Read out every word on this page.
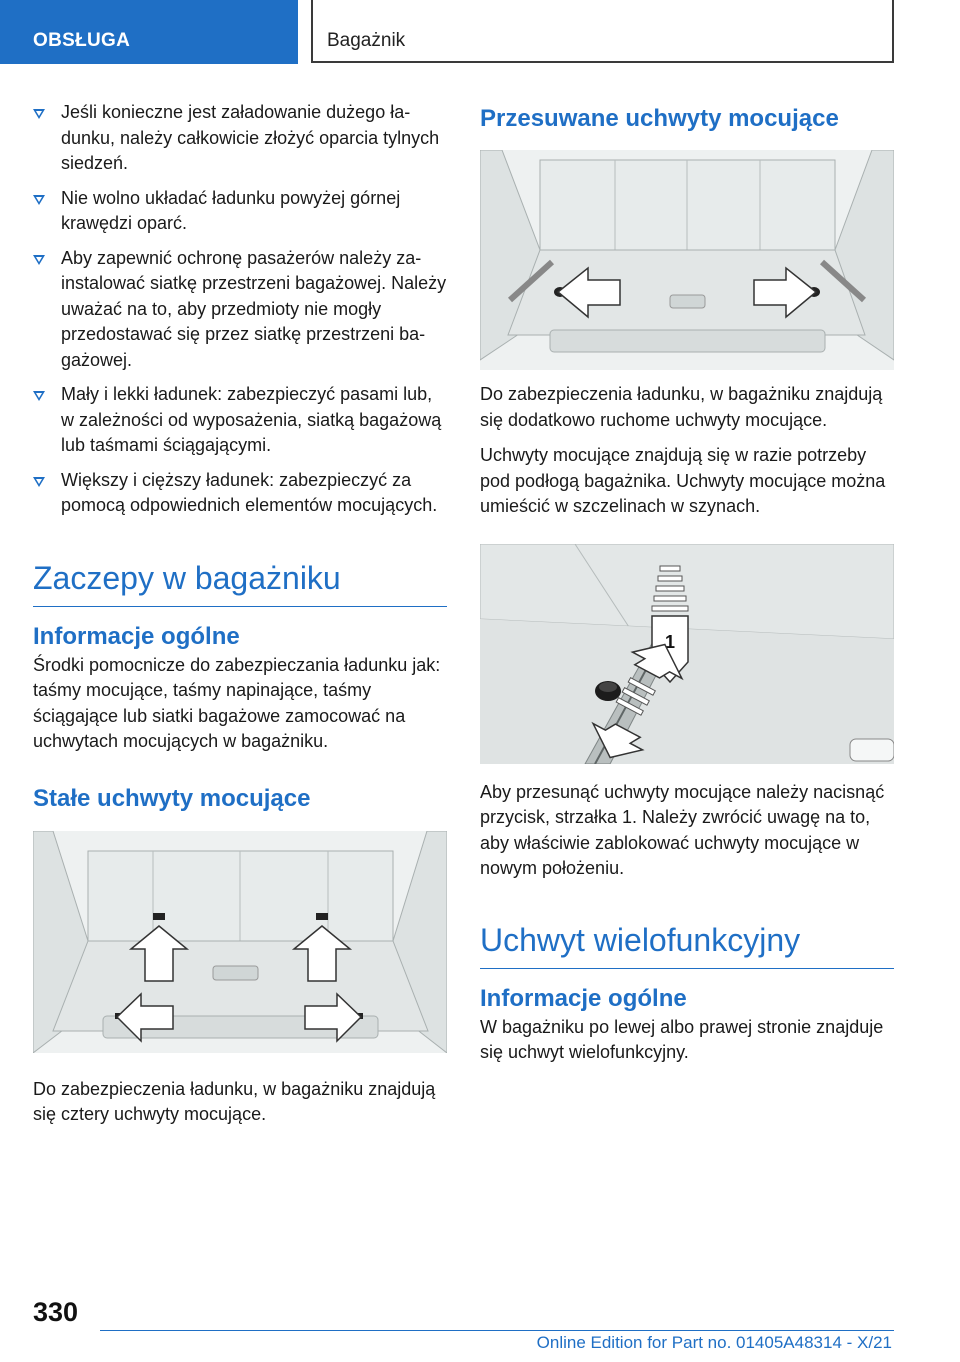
OBSŁUGA	Bagażnik
Jeśli konieczne jest załadowanie dużego ładunku, należy całkowicie złożyć oparcia tylnych siedzeń.
Nie wolno układać ładunku powyżej górnej krawędzi oparć.
Aby zapewnić ochronę pasażerów należy zainstalować siatkę przestrzeni bagażowej. Należy uważać na to, aby przedmioty nie mogły przedostawać się przez siatkę przestrzeni bagażowej.
Mały i lekki ładunek: zabezpieczyć pasami lub, w zależności od wyposażenia, siatką bagażową lub taśmami ściągającymi.
Większy i cięższy ładunek: zabezpieczyć za pomocą odpowiednich elementów mocujących.
Zaczepy w bagażniku
Informacje ogólne

Środki pomocnicze do zabezpieczania ładunku jak: taśmy mocujące, taśmy napinające, taśmy ściągające lub siatki bagażowe zamocować na uchwytach mocujących w bagażniku.

Stałe uchwyty mocujące

Do zabezpieczenia ładunku, w bagażniku znajdują się cztery uchwyty mocujące.

Przesuwane uchwyty mocujące

Do zabezpieczenia ładunku, w bagażniku znajdują się dodatkowo ruchome uchwyty mocujące.

Uchwyty mocujące znajdują się w razie potrzeby pod podłogą bagażnika. Uchwyty mocujące można umieścić w szczelinach w szynach.

1

Aby przesunąć uchwyty mocujące należy nacisnąć przycisk, strzałka 1. Należy zwrócić uwagę na to, aby właściwie zablokować uchwyty mocujące w nowym położeniu.

Uchwyt wielofunkcyjny
Informacje ogólne

W bagażniku po lewej albo prawej stronie znajduje się uchwyt wielofunkcyjny.

330
Online Edition for Part no. 01405A48314 - X/21
